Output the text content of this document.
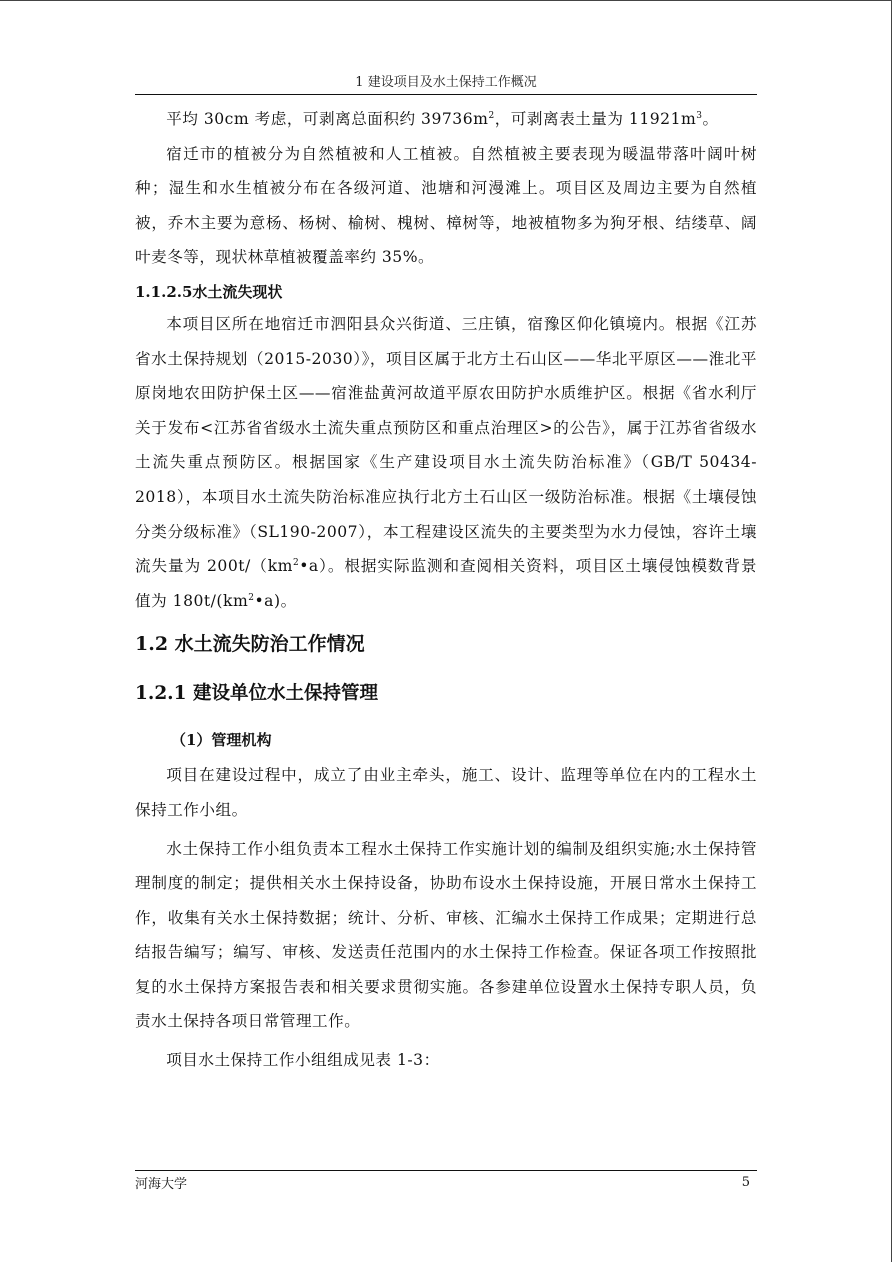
1 建设项目及水土保持工作概况

平均 30cm 考虑，可剥离总面积约 $39736m^2$，可剥离表土量为 $11921m^3$。

宿迁市的植被分为自然植被和人工植被。自然植被主要表现为暖温带落叶阔叶树种；湿生和水生植被分布在各级河道、池塘和河漫滩上。项目区及周边主要为自然植被，乔木主要为意杨、杨树、榆树、槐树、樟树等，地被植物多为狗牙根、结缕草、阔叶麦冬等，现状林草植被覆盖率约 35%。

1.1.2.5水土流失现状

本项目区所在地宿迁市泗阳县众兴街道、三庄镇，宿豫区仰化镇境内。根据《江苏省水土保持规划（2015-2030）》，项目区属于北方土石山区——华北平原区——淮北平原岗地农田防护保土区——宿淮盐黄河故道平原农田防护水质维护区。根据《省水利厅关于发布<江苏省省级水土流失重点预防区和重点治理区>的公告》，属于江苏省省级水土流失重点预防区。根据国家《生产建设项目水土流失防治标准》（GB/T 50434-2018），本项目水土流失防治标准应执行北方土石山区一级防治标准。根据《土壤侵蚀分类分级标准》（SL190-2007），本工程建设区流失的主要类型为水力侵蚀，容许土壤流失量为 $200t/(km^2•a)$。根据实际监测和查阅相关资料，项目区土壤侵蚀模数背景值为 $180t/(km^2•a)$。

1.2 水土流失防治工作情况
1.2.1 建设单位水土保持管理
（1）管理机构

项目在建设过程中，成立了由业主牵头，施工、设计、监理等单位在内的工程水土保持工作小组。

水土保持工作小组负责本工程水土保持工作实施计划的编制及组织实施;水土保持管理制度的制定；提供相关水土保持设备，协助布设水土保持设施，开展日常水土保持工作，收集有关水土保持数据；统计、分析、审核、汇编水土保持工作成果；定期进行总结报告编写；编写、审核、发送责任范围内的水土保持工作检查。保证各项工作按照批复的水土保持方案报告表和相关要求贯彻实施。各参建单位设置水土保持专职人员，负责水土保持各项日常管理工作。

项目水土保持工作小组组成见表 1-3：

河海大学	5
